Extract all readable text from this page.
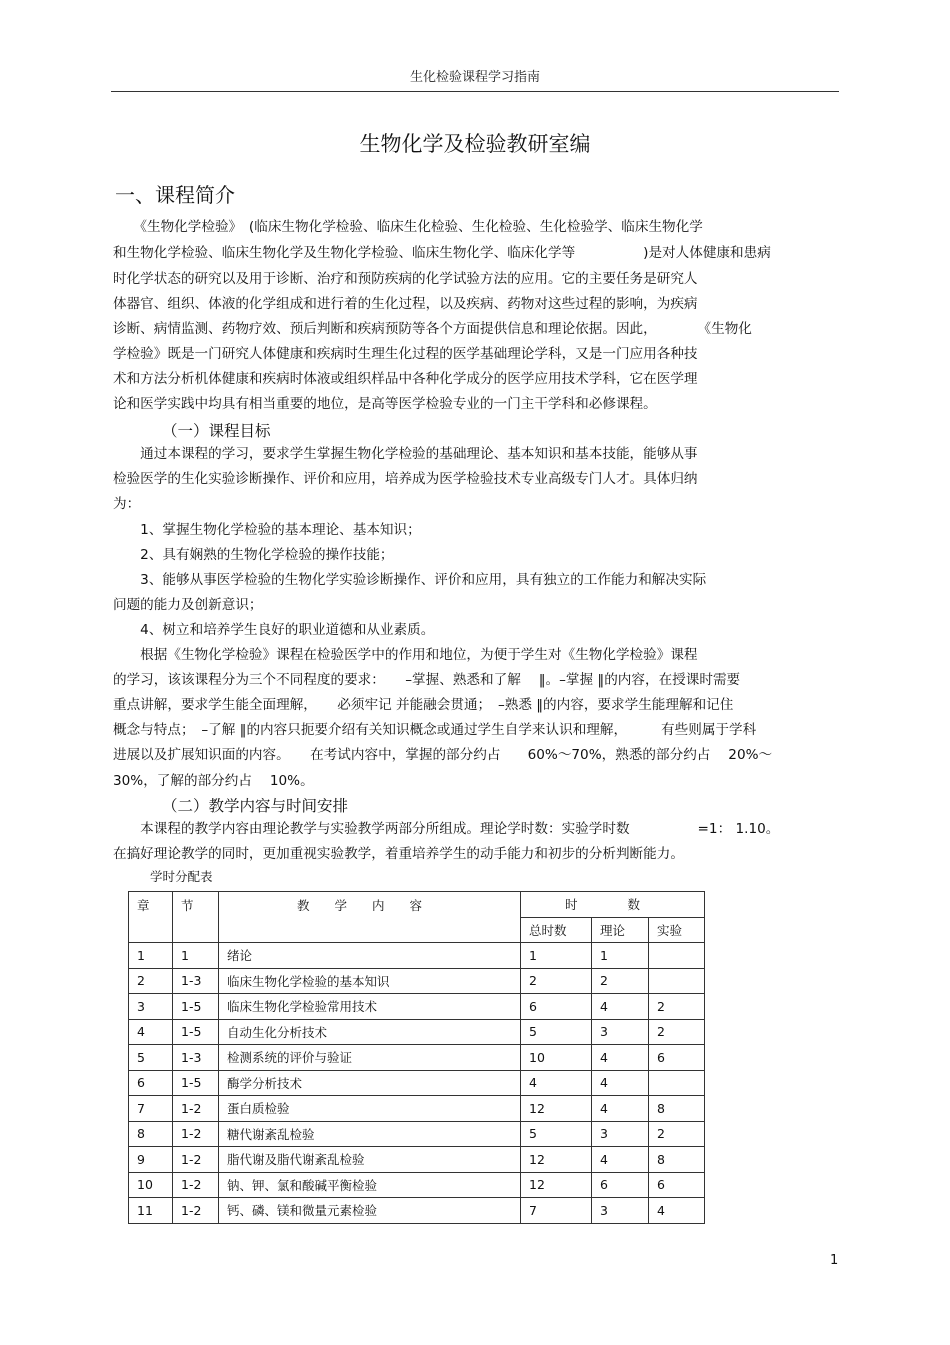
生化检验课程学习指南
生物化学及检验教研室编
一、课程简介
　　《生物化学检验》　(临床生物化学检验、临床生化检验、生化检验、生化检验学、临床生物化学
和生物化学检验、临床生物化学及生物化学检验、临床生物化学、临床化学等　　　　　)是对人体健康和患病
时化学状态的研究以及用于诊断、治疗和预防疾病的化学试验方法的应用。它的主要任务是研究人
体器官、组织、体液的化学组成和进行着的生化过程，以及疾病、药物对这些过程的影响，为疾病
诊断、病情监测、药物疗效、预后判断和疾病预防等各个方面提供信息和理论依据。因此，　　　　《生物化
学检验》既是一门研究人体健康和疾病时生理生化过程的医学基础理论学科，又是一门应用各种技
术和方法分析机体健康和疾病时体液或组织样品中各种化学成分的医学应用技术学科，它在医学理
论和医学实践中均具有相当重要的地位，是高等医学检验专业的一门主干学科和必修课程。
（一）课程目标
　　通过本课程的学习，要求学生掌握生物化学检验的基础理论、基本知识和基本技能，能够从事
检验医学的生化实验诊断操作、评价和应用，培养成为医学检验技术专业高级专门人才。具体归纳
为：
　　1、掌握生物化学检验的基本理论、基本知识；
　　2、具有娴熟的生物化学检验的操作技能；
　　3、能够从事医学检验的生物化学实验诊断操作、评价和应用，具有独立的工作能力和解决实际
问题的能力及创新意识；
　　4、树立和培养学生良好的职业道德和从业素质。
　　根据《生物化学检验》课程在检验医学中的作用和地位，为便于学生对《生物化学检验》课程
的学习，该该课程分为三个不同程度的要求：　　–掌握、熟悉和了解　 ‖。–掌握 ‖的内容，在授课时需要
重点讲解，要求学生能全面理解，　　必须牢记 并能融会贯通；　–熟悉 ‖的内容，要求学生能理解和记住
概念与特点；　–了解 ‖的内容只扼要介绍有关知识概念或通过学生自学来认识和理解，　　　有些则属于学科
进展以及扩展知识面的内容。　　在考试内容中，掌握的部分约占　　60%～70%，熟悉的部分约占　 20%～
30%，了解的部分约占　 10%。
（二）教学内容与时间安排
　　本课程的教学内容由理论教学与实验教学两部分所组成。理论学时数：实验学时数　　　　　=1： 1.10。
在搞好理论教学的同时，更加重视实验教学，着重培养学生的动手能力和初步的分析判断能力。
学时分配表
章	节	教　　学　　内　　容	时　　　　数		
			总时数	理论	实验
1	1	绪论	1	1	
2	1-3	临床生物化学检验的基本知识	2	2	
3	1-5	临床生物化学检验常用技术	6	4	2
4	1-5	自动生化分析技术	5	3	2
5	1-3	检测系统的评价与验证	10	4	6
6	1-5	酶学分析技术	4	4	
7	1-2	蛋白质检验	12	4	8
8	1-2	糖代谢紊乱检验	5	3	2
9	1-2	脂代谢及脂代谢紊乱检验	12	4	8
10	1-2	钠、钾、氯和酸碱平衡检验	12	6	6
11	1-2	钙、磷、镁和微量元素检验	7	3	4
1
